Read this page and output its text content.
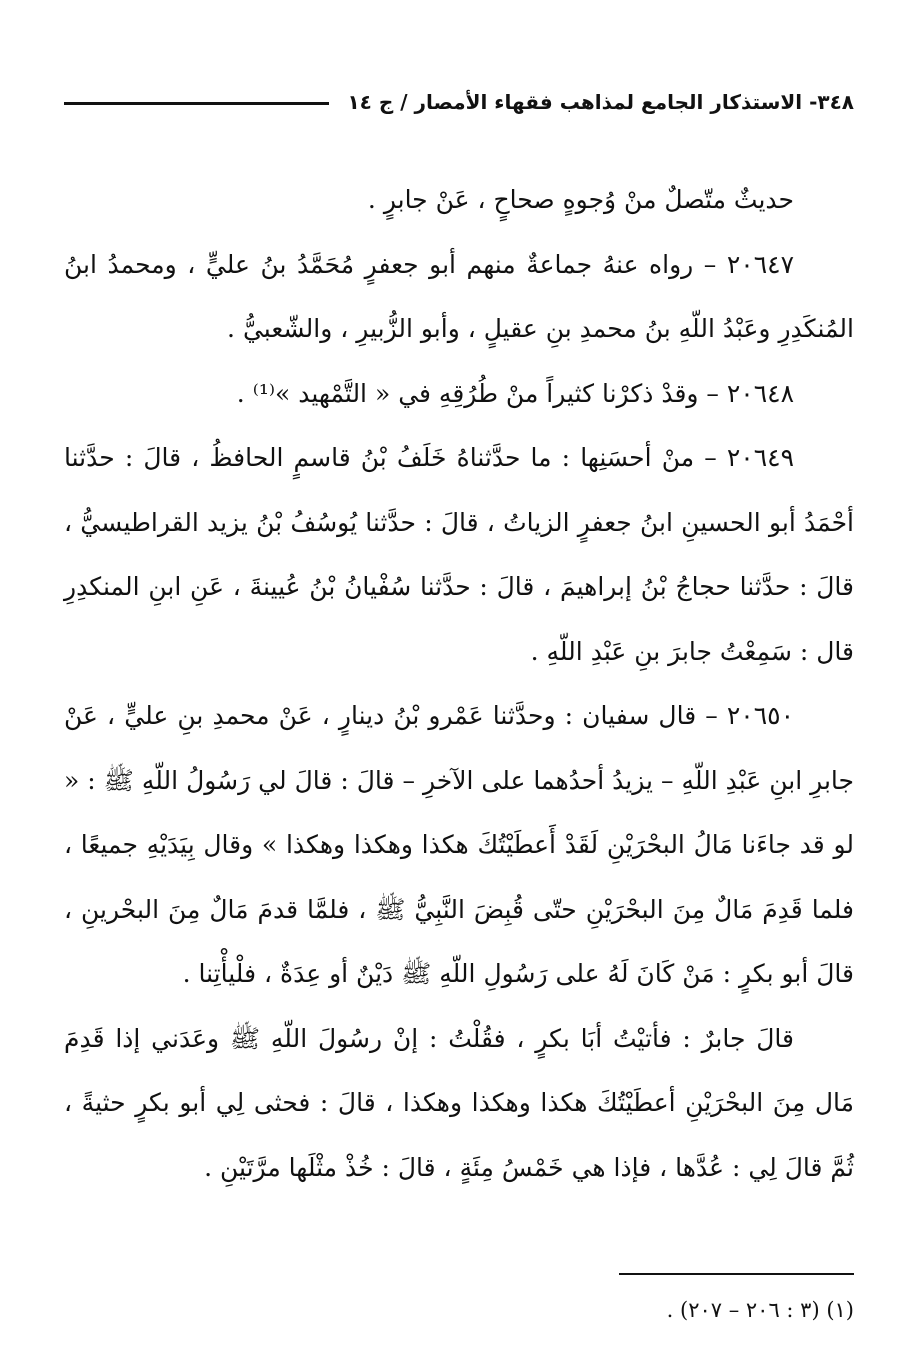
٣٤٨- الاستذكار الجامع لمذاهب فقهاء الأمصار / ج ١٤

حديثٌ متّصلٌ منْ وُجوهٍ صحاحٍ ، عَنْ جابرٍ .

٢٠٦٤٧ – رواه عنهُ جماعةٌ منهم أبو جعفرٍ مُحَمَّدُ بنُ عليٍّ ، ومحمدُ ابنُ المُنكَدِرِ وعَبْدُ اللّهِ بنُ محمدِ بنِ عقيلٍ ، وأبو الزُّبيرِ ، والشّعبيُّ .

٢٠٦٤٨ – وقدْ ذكرْنا كثيراً منْ طُرُقِهِ في « التَّمْهيد »⁽¹⁾ .

٢٠٦٤٩ – منْ أحسَنِها : ما حدَّثناهُ خَلَفُ بْنُ قاسمٍ الحافظُ ، قالَ : حدَّثنا أحْمَدُ أبو الحسينِ ابنُ جعفرٍ الزياتُ ، قالَ : حدَّثنا يُوسُفُ بْنُ يزيد القراطيسيُّ ، قالَ : حدَّثنا حجاجُ بْنُ إبراهيمَ ، قالَ : حدَّثنا سُفْيانُ بْنُ عُيينةَ ، عَنِ ابنِ المنكدِرِ قال : سَمِعْتُ جابرَ بنِ عَبْدِ اللّهِ .

٢٠٦٥٠ – قال سفيان : وحدَّثنا عَمْرو بْنُ دينارٍ ، عَنْ محمدِ بنِ عليٍّ ، عَنْ جابرِ ابنِ عَبْدِ اللّهِ – يزيدُ أحدُهما على الآخرِ – قالَ : قالَ لي رَسُولُ اللّهِ ﷺ : « لو قد جاءَنا مَالُ البحْرَيْنِ لَقَدْ أَعطَيْتُكَ هكذا وهكذا وهكذا » وقال بِيَدَيْهِ جميعًا ، فلما قَدِمَ مَالٌ مِنَ البحْرَيْنِ حتّى قُبِضَ النَّبِيُّ ﷺ ، فلمَّا قدمَ مَالٌ مِنَ البحْرينِ ، قالَ أبو بكرٍ : مَنْ كَانَ لَهُ على رَسُولِ اللّهِ ﷺ دَيْنٌ أو عِدَةٌ ، فلْيأْتِنا .

قالَ جابرٌ : فأتيْتُ أبَا بكرٍ ، فقُلْتُ : إنْ رسُولَ اللّهِ ﷺ وعَدَني إذا قَدِمَ مَال مِنَ البحْرَيْنِ أعطَيْتُكَ هكذا وهكذا وهكذا ، قالَ : فحثى لِي أبو بكرٍ حثيةً ، ثُمَّ قالَ لِي : عُدَّها ، فإذا هي خَمْسُ مِئَةٍ ، قالَ : خُذْ مثْلَها مرَّتَيْنِ .

(١) (٣ : ٢٠٦ – ٢٠٧) .
